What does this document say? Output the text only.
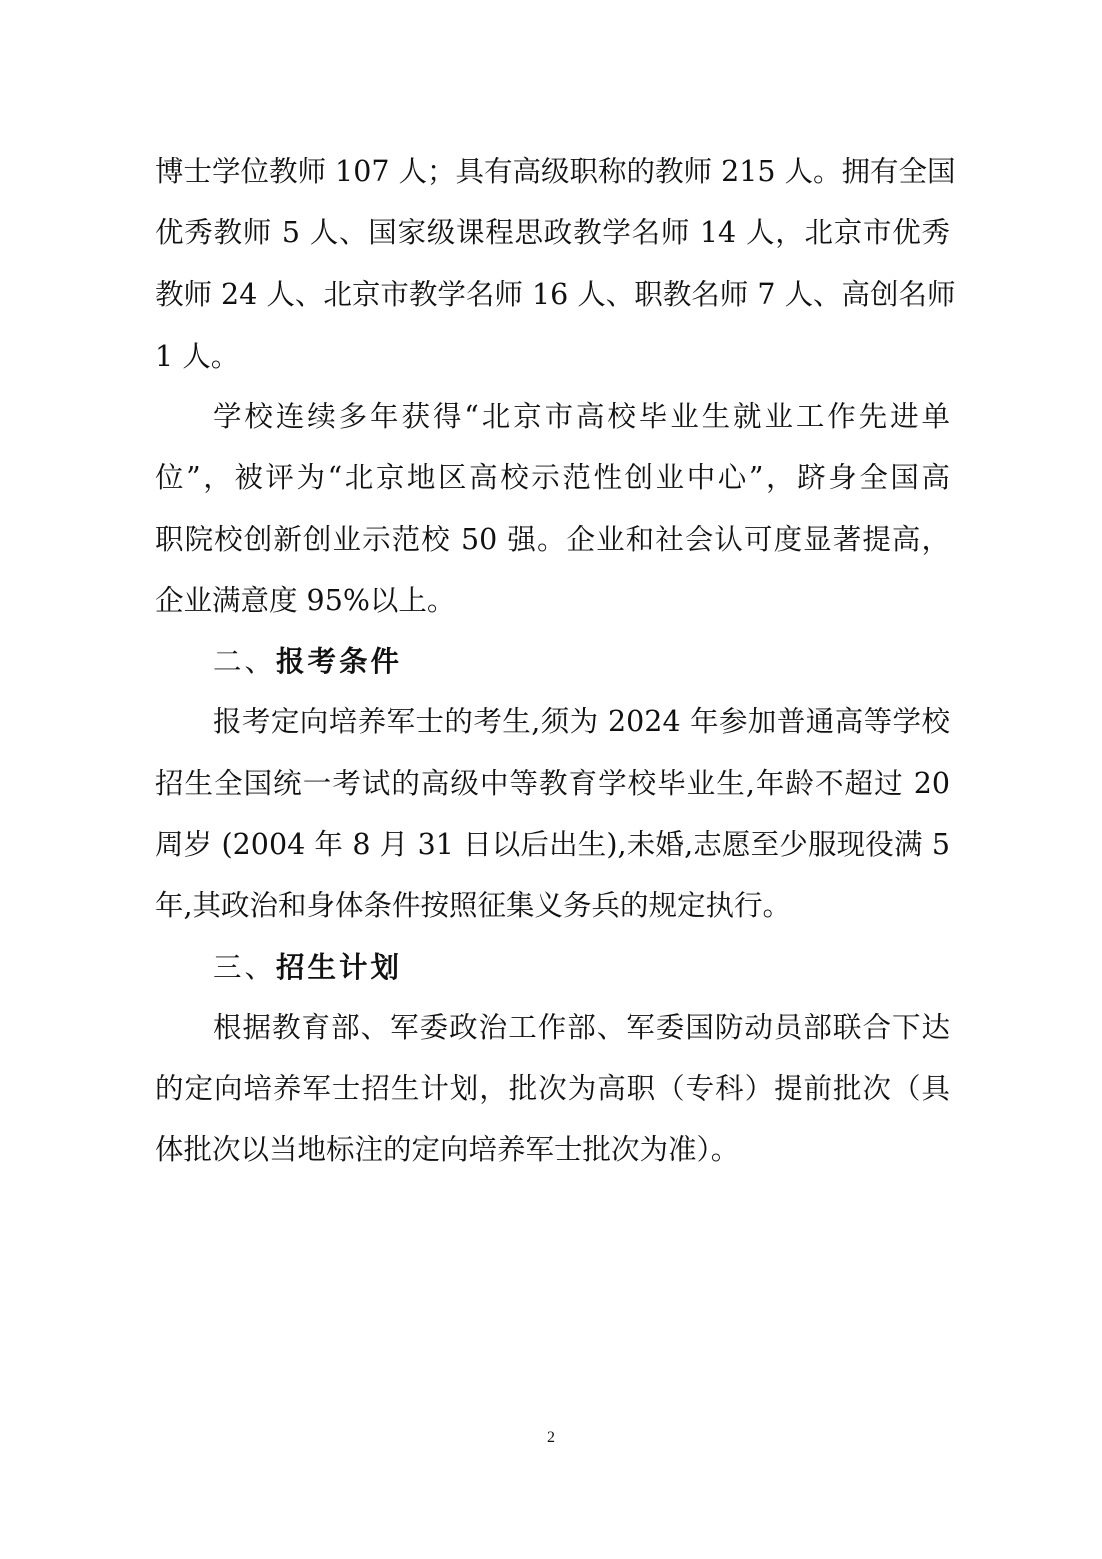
博士学位教师 107 人；具有高级职称的教师 215 人。拥有全国
优秀教师 5 人、国家级课程思政教学名师 14 人，北京市优秀
教师 24 人、北京市教学名师 16 人、职教名师 7 人、高创名师
1 人。
学校连续多年获得“北京市高校毕业生就业工作先进单
位”，被评为“北京地区高校示范性创业中心”，跻身全国高
职院校创新创业示范校 50 强。企业和社会认可度显著提高，
企业满意度 95%以上。
二、报考条件
报考定向培养军士的考生,须为 2024 年参加普通高等学校
招生全国统一考试的高级中等教育学校毕业生,年龄不超过 20
周岁 (2004 年 8 月 31 日以后出生),未婚,志愿至少服现役满 5
年,其政治和身体条件按照征集义务兵的规定执行。
三、招生计划
根据教育部、军委政治工作部、军委国防动员部联合下达
的定向培养军士招生计划，批次为高职（专科）提前批次（具
体批次以当地标注的定向培养军士批次为准）。
2
